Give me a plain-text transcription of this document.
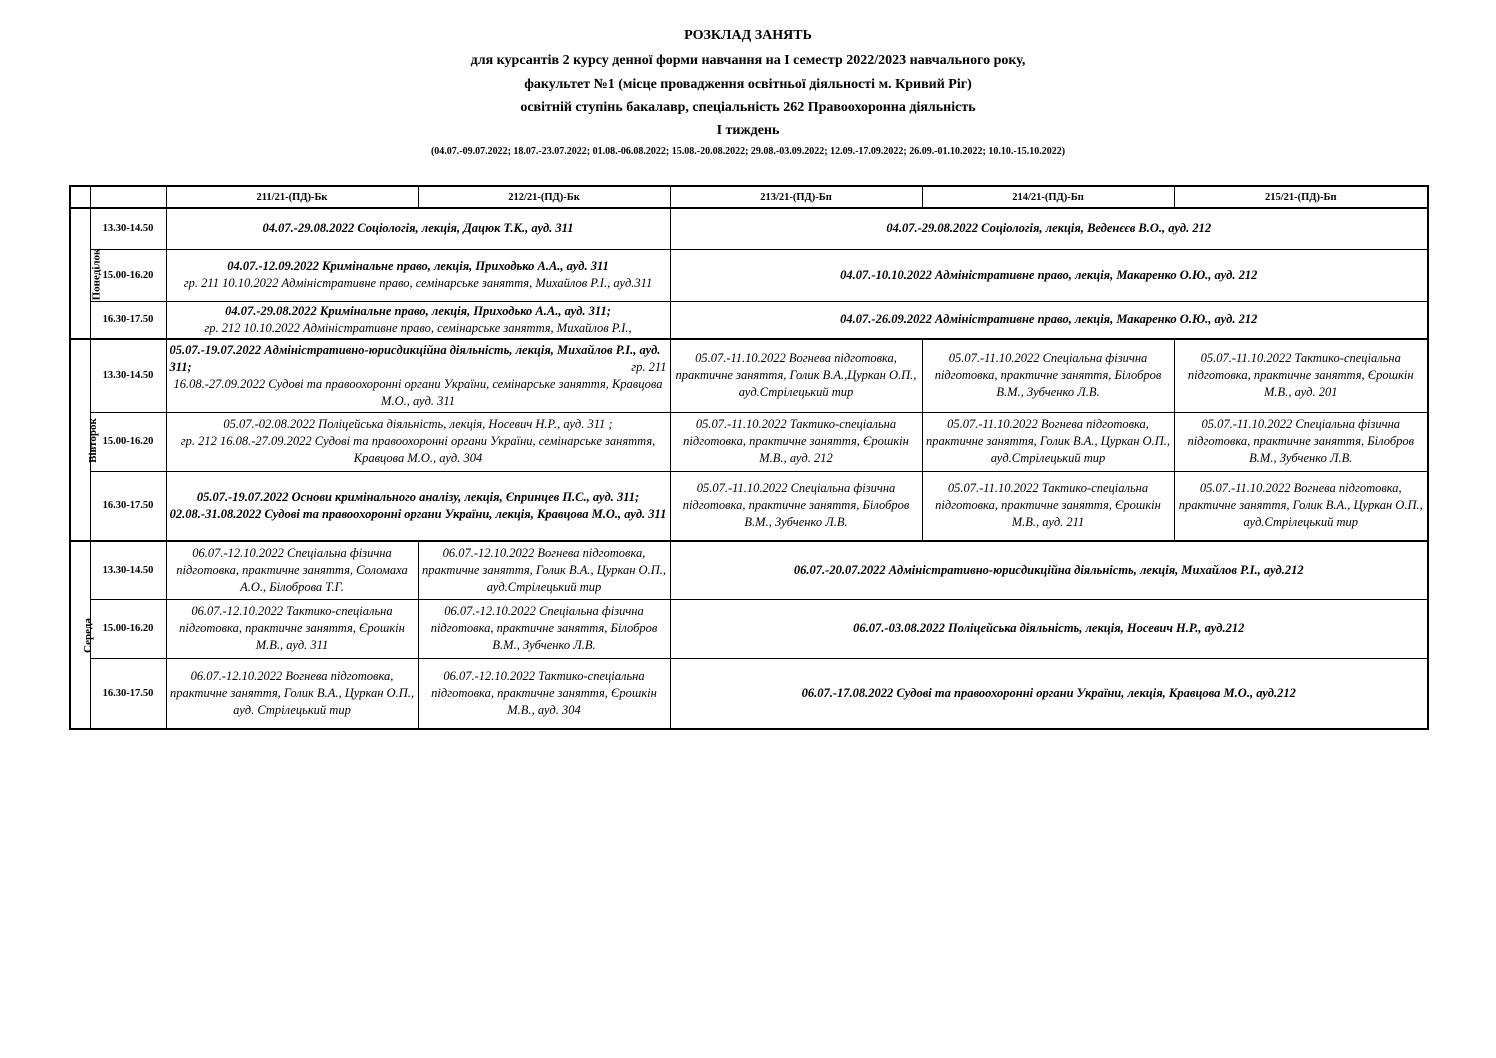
РОЗКЛАД ЗАНЯТЬ
для курсантів 2 курсу денної форми навчання на I семестр 2022/2023 навчального року,
факультет №1 (місце провадження освітньої діяльності м. Кривий Ріг)
освітній ступінь бакалавр, спеціальність 262 Правоохоронна діяльність
I тиждень
(04.07.-09.07.2022; 18.07.-23.07.2022; 01.08.-06.08.2022; 15.08.-20.08.2022; 29.08.-03.09.2022; 12.09.-17.09.2022; 26.09.-01.10.2022; 10.10.-15.10.2022)
		211/21-(ПД)-Бк	212/21-(ПД)-Бк	213/21-(ПД)-Бп	214/21-(ПД)-Бп	215/21-(ПД)-Бп
Понеділок	13.30-14.50	04.07.-29.08.2022 Соціологія, лекція, Дацюк Т.К., ауд. 311		04.07.-29.08.2022 Соціологія, лекція, Веденєєв В.О., ауд. 212		
	15.00-16.20	04.07.-12.09.2022 Кримінальне право, лекція, Приходько А.А., ауд. 311
гр. 211 10.10.2022 Адміністративне право, семінарське заняття, Михайлов Р.І., ауд.311		04.07.-10.10.2022 Адміністративне право, лекція, Макаренко О.Ю., ауд. 212		
	16.30-17.50	04.07.-29.08.2022 Кримінальне право, лекція, Приходько А.А., ауд. 311;
гр. 212 10.10.2022 Адміністративне право, семінарське заняття, Михайлов Р.І.,		04.07.-26.09.2022 Адміністративне право, лекція, Макаренко О.Ю., ауд. 212		
Вівторок	13.30-14.50	05.07.-19.07.2022 Адміністративно-юрисдикційна діяльність, лекція, Михайлов Р.І., ауд. 311; гр. 211
16.08.-27.09.2022 Судові та правоохоронні органи України, семінарське заняття, Кравцова М.О., ауд. 311		05.07.-11.10.2022 Вогнева підготовка, практичне заняття, Голик В.А.,Цуркан О.П., ауд.Стрілецький тир	05.07.-11.10.2022 Спеціальна фізична підготовка, практичне заняття, Білобров В.М., Зубченко Л.В.	05.07.-11.10.2022 Тактико-спеціальна підготовка, практичне заняття, Єрошкін М.В., ауд. 201
	15.00-16.20	05.07.-02.08.2022 Поліцейська діяльність, лекція, Носевич Н.Р., ауд. 311 ;
гр. 212 16.08.-27.09.2022 Судові та правоохоронні органи України, семінарське заняття, Кравцова М.О., ауд. 304		05.07.-11.10.2022 Тактико-спеціальна підготовка, практичне заняття, Єрошкін М.В., ауд. 212	05.07.-11.10.2022 Вогнева підготовка, практичне заняття, Голик В.А., Цуркан О.П., ауд.Стрілецький тир	05.07.-11.10.2022 Спеціальна фізична підготовка, практичне заняття, Білобров В.М., Зубченко Л.В.
	16.30-17.50	05.07.-19.07.2022 Основи кримінального аналізу, лекція, Єпринцев П.С., ауд. 311;
02.08.-31.08.2022 Судові та правоохоронні органи України, лекція, Кравцова М.О., ауд. 311		05.07.-11.10.2022 Спеціальна фізична підготовка, практичне заняття, Білобров В.М., Зубченко Л.В.	05.07.-11.10.2022 Тактико-спеціальна підготовка, практичне заняття, Єрошкін М.В., ауд. 211	05.07.-11.10.2022 Вогнева підготовка, практичне заняття, Голик В.А., Цуркан О.П., ауд.Стрілецький тир
Середа	13.30-14.50	06.07.-12.10.2022 Спеціальна фізична підготовка, практичне заняття, Соломаха А.О., Білоброва Т.Г.	06.07.-12.10.2022 Вогнева підготовка, практичне заняття, Голик В.А., Цуркан О.П., ауд.Стрілецький тир	06.07.-20.07.2022 Адміністративно-юрисдикційна діяльність, лекція, Михайлов Р.І., ауд.212		
	15.00-16.20	06.07.-12.10.2022 Тактико-спеціальна підготовка, практичне заняття, Єрошкін М.В., ауд. 311	06.07.-12.10.2022 Спеціальна фізична підготовка, практичне заняття, Білобров В.М., Зубченко Л.В.	06.07.-03.08.2022 Поліцейська діяльність, лекція, Носевич Н.Р., ауд.212		
	16.30-17.50	06.07.-12.10.2022 Вогнева підготовка, практичне заняття, Голик В.А., Цуркан О.П., ауд. Стрілецький тир	06.07.-12.10.2022 Тактико-спеціальна підготовка, практичне заняття, Єрошкін М.В., ауд. 304	06.07.-17.08.2022 Судові та правоохоронні органи України, лекція, Кравцова М.О., ауд.212		
